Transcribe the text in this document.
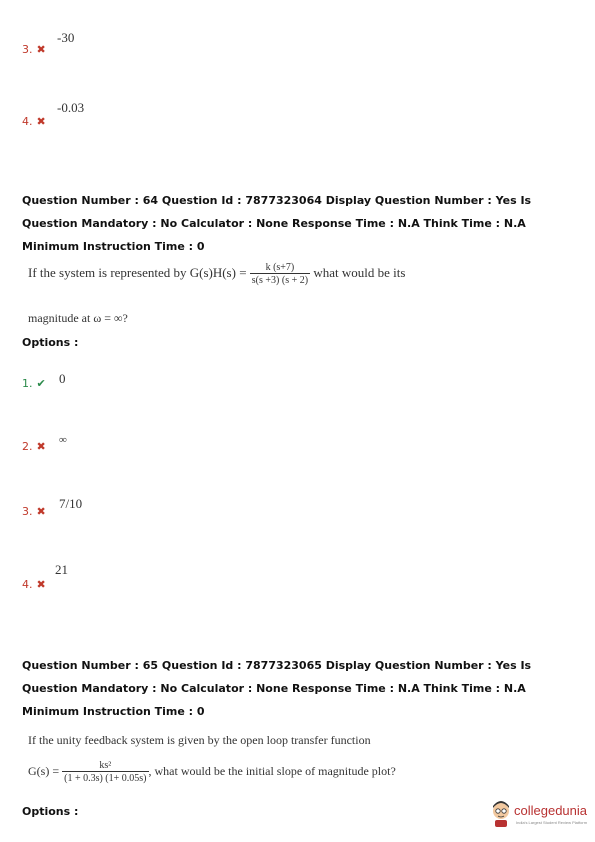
-30
3. ✖
-0.03
4. ✖
Question Number : 64 Question Id : 7877323064 Display Question Number : Yes Is Question Mandatory : No Calculator : None Response Time : N.A Think Time : N.A Minimum Instruction Time : 0
If the system is represented by $G(s)H(s) = \frac{k (s+7)}{s(s +3) (s + 2)}$ what would be its
magnitude at ω = ∞?
Options :
0
1. ✔
∞
2. ✖
7/10
3. ✖
21
4. ✖
Question Number : 65 Question Id : 7877323065 Display Question Number : Yes Is Question Mandatory : No Calculator : None Response Time : N.A Think Time : N.A Minimum Instruction Time : 0
If the unity feedback system is given by the open loop transfer function
$G(s) = \frac{\text{ks²}}{(1 + 0.3s) (1+ 0.05s)}$ , what would be the initial slope of magnitude plot?
Options :	collegedunia
India's Largest Student Review Platform
